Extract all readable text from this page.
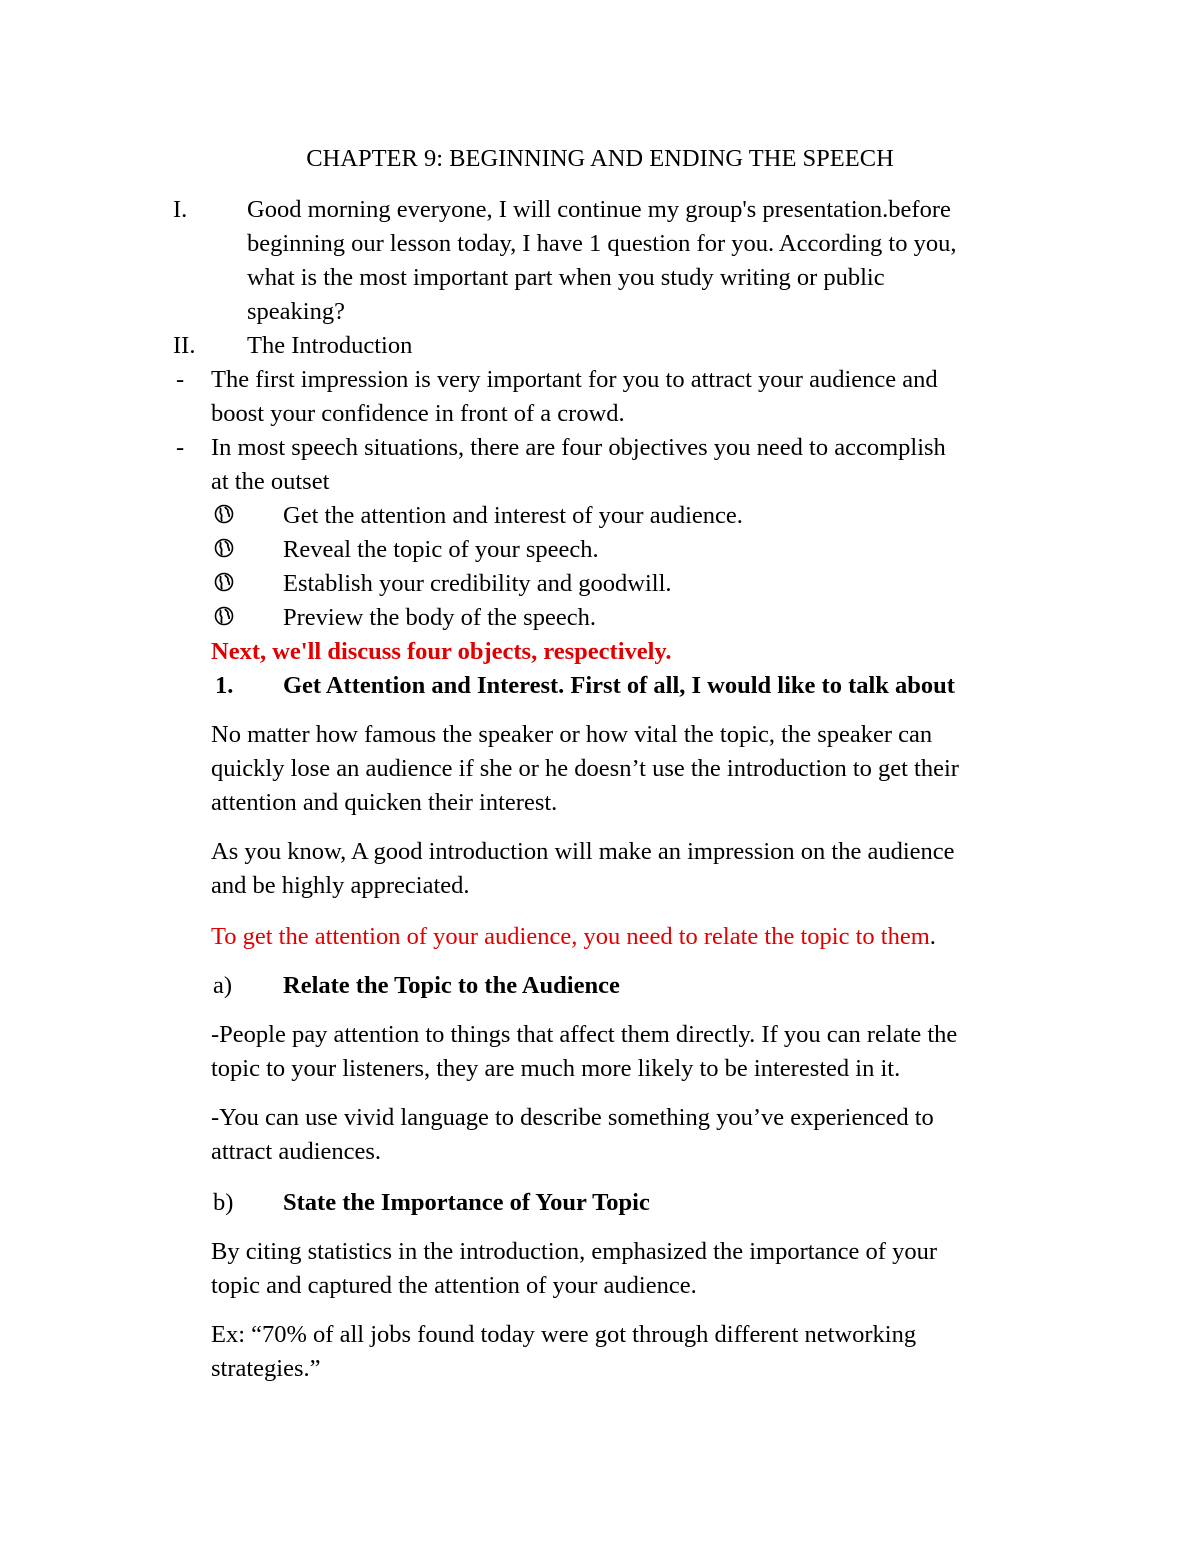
CHAPTER 9: BEGINNING AND ENDING THE SPEECH
I. Good morning everyone, I will continue my group's presentation.before
beginning our lesson today, I have 1 question for you. According to you,
what is the most important part when you study writing or public
speaking?
II. The Introduction
- The first impression is very important for you to attract your audience and
boost your confidence in front of a crowd.
- In most speech situations, there are four objectives you need to accomplish
at the outset
Get the attention and interest of your audience.
Reveal the topic of your speech.
Establish your credibility and goodwill.
Preview the body of the speech.
Next, we'll discuss four objects, respectively.
1. Get Attention and Interest. First of all, I would like to talk about
No matter how famous the speaker or how vital the topic, the speaker can
quickly lose an audience if she or he doesn’t use the introduction to get their
attention and quicken their interest.
As you know, A good introduction will make an impression on the audience
and be highly appreciated.
To get the attention of your audience, you need to relate the topic to them.
a) Relate the Topic to the Audience
-People pay attention to things that affect them directly. If you can relate the
topic to your listeners, they are much more likely to be interested in it.
-You can use vivid language to describe something you’ve experienced to
attract audiences.
b) State the Importance of Your Topic
By citing statistics in the introduction, emphasized the importance of your
topic and captured the attention of your audience.
Ex: “70% of all jobs found today were got through different networking
strategies.”
